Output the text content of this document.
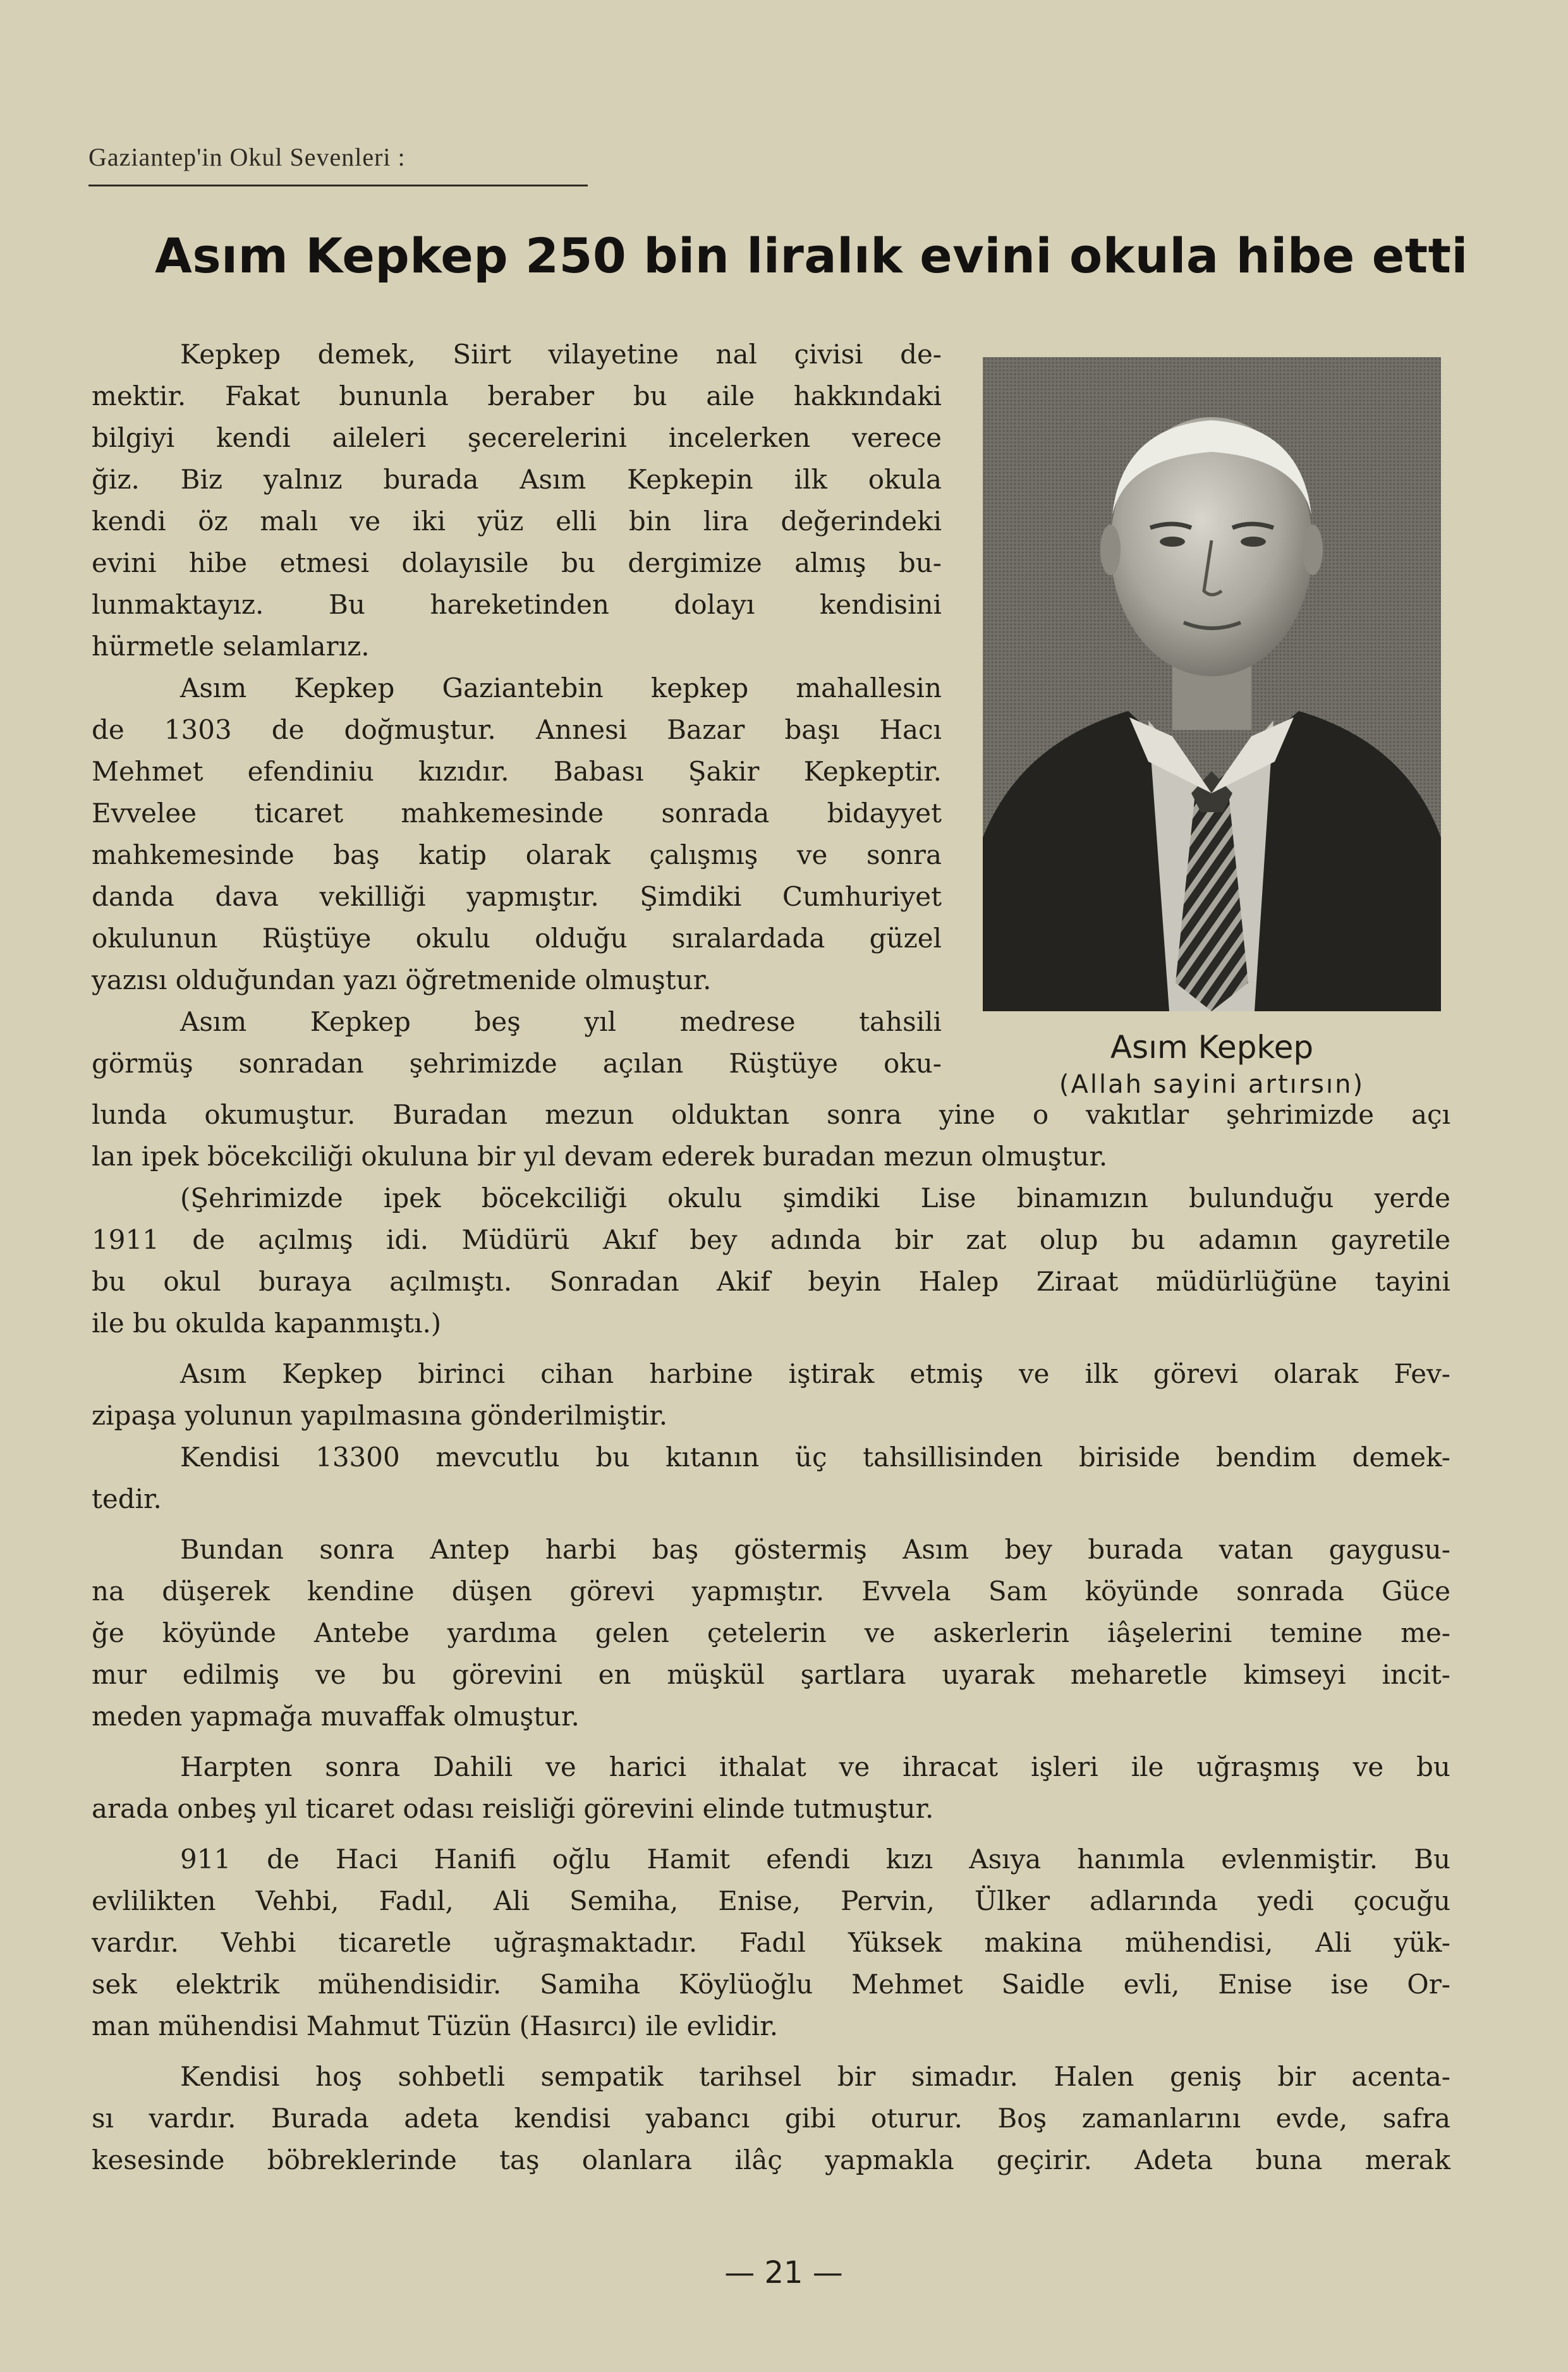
Gaziantep'in Okul Sevenleri :
Asım Kepkep 250 bin liralık evini okula hibe etti
Asım Kepkep
(Allah sayini artırsın)

Kepkep demek, Siirt vilayetine nal çivisi de-

mektir. Fakat bununla beraber bu aile hakkındaki

bilgiyi kendi aileleri şecerelerini incelerken verece

ğiz. Biz yalnız burada Asım Kepkepin ilk okula

kendi öz malı ve iki yüz elli bin lira değerindeki

evini hibe etmesi dolayısile bu dergimize almış bu-

lunmaktayız. Bu hareketinden dolayı kendisini

hürmetle selamlarız.

Asım Kepkep Gaziantebin kepkep mahallesin

de 1303 de doğmuştur. Annesi Bazar başı Hacı

Mehmet efendiniu kızıdır. Babası Şakir Kepkeptir.

Evvelee ticaret mahkemesinde sonrada bidayyet

mahkemesinde baş katip olarak çalışmış ve sonra

danda dava vekilliği yapmıştır. Şimdiki Cumhuriyet

okulunun Rüştüye okulu olduğu sıralardada güzel

yazısı olduğundan yazı öğretmenide olmuştur.

Asım Kepkep beş yıl medrese tahsili

görmüş sonradan şehrimizde açılan Rüştüye oku-

lunda okumuştur. Buradan mezun olduktan sonra yine o vakıtlar şehrimizde açı

lan ipek böcekciliği okuluna bir yıl devam ederek buradan mezun olmuştur.

(Şehrimizde ipek böcekciliği okulu şimdiki Lise binamızın bulunduğu yerde

1911 de açılmış idi. Müdürü Akıf bey adında bir zat olup bu adamın gayretile

bu okul buraya açılmıştı. Sonradan Akif beyin Halep Ziraat müdürlüğüne tayini

ile bu okulda kapanmıştı.)

Asım Kepkep birinci cihan harbine iştirak etmiş ve ilk görevi olarak Fev-

zipaşa yolunun yapılmasına gönderilmiştir.

Kendisi 13300 mevcutlu bu kıtanın üç tahsillisinden biriside bendim demek-

tedir.

Bundan sonra Antep harbi baş göstermiş Asım bey burada vatan gaygusu-

na düşerek kendine düşen görevi yapmıştır. Evvela Sam köyünde sonrada Güce

ğe köyünde Antebe yardıma gelen çetelerin ve askerlerin iâşelerini temine me-

mur edilmiş ve bu görevini en müşkül şartlara uyarak meharetle kimseyi incit-

meden yapmağa muvaffak olmuştur.

Harpten sonra Dahili ve harici ithalat ve ihracat işleri ile uğraşmış ve bu

arada onbeş yıl ticaret odası reisliği görevini elinde tutmuştur.

911 de Haci Hanifi oğlu Hamit efendi kızı Asıya hanımla evlenmiştir. Bu

evlilikten Vehbi, Fadıl, Ali Semiha, Enise, Pervin, Ülker adlarında yedi çocuğu

vardır. Vehbi ticaretle uğraşmaktadır. Fadıl Yüksek makina mühendisi, Ali yük-

sek elektrik mühendisidir. Samiha Köylüoğlu Mehmet Saidle evli, Enise ise Or-

man mühendisi Mahmut Tüzün (Hasırcı) ile evlidir.

Kendisi hoş sohbetli sempatik tarihsel bir simadır. Halen geniş bir acenta-

sı vardır. Burada adeta kendisi yabancı gibi oturur. Boş zamanlarını evde, safra

kesesinde böbreklerinde taş olanlara ilâç yapmakla geçirir. Adeta buna merak

— 21 —
